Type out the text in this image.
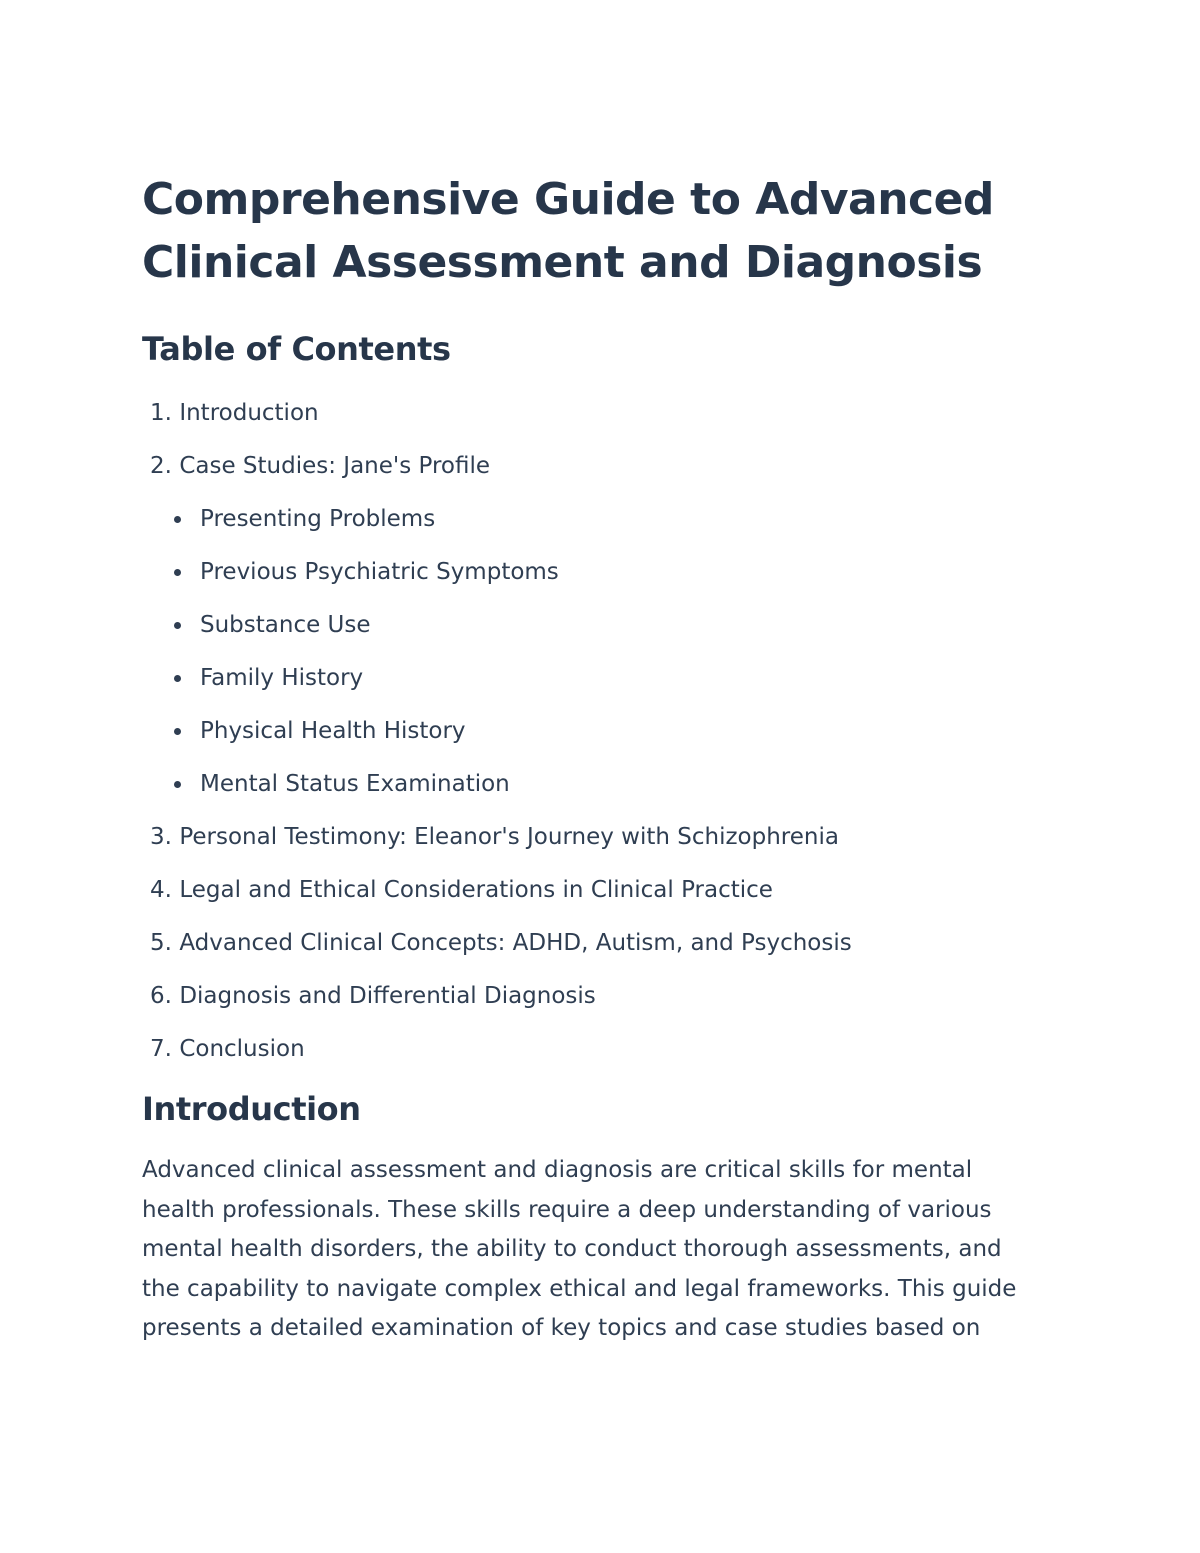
Comprehensive Guide to Advanced
Clinical Assessment and Diagnosis
Table of Contents
1. Introduction
2. Case Studies: Jane's Profile
Presenting Problems
Previous Psychiatric Symptoms
Substance Use
Family History
Physical Health History
Mental Status Examination
3. Personal Testimony: Eleanor's Journey with Schizophrenia
4. Legal and Ethical Considerations in Clinical Practice
5. Advanced Clinical Concepts: ADHD, Autism, and Psychosis
6. Diagnosis and Differential Diagnosis
7. Conclusion
Introduction

Advanced clinical assessment and diagnosis are critical skills for mental
health professionals. These skills require a deep understanding of various
mental health disorders, the ability to conduct thorough assessments, and
the capability to navigate complex ethical and legal frameworks. This guide
presents a detailed examination of key topics and case studies based on
